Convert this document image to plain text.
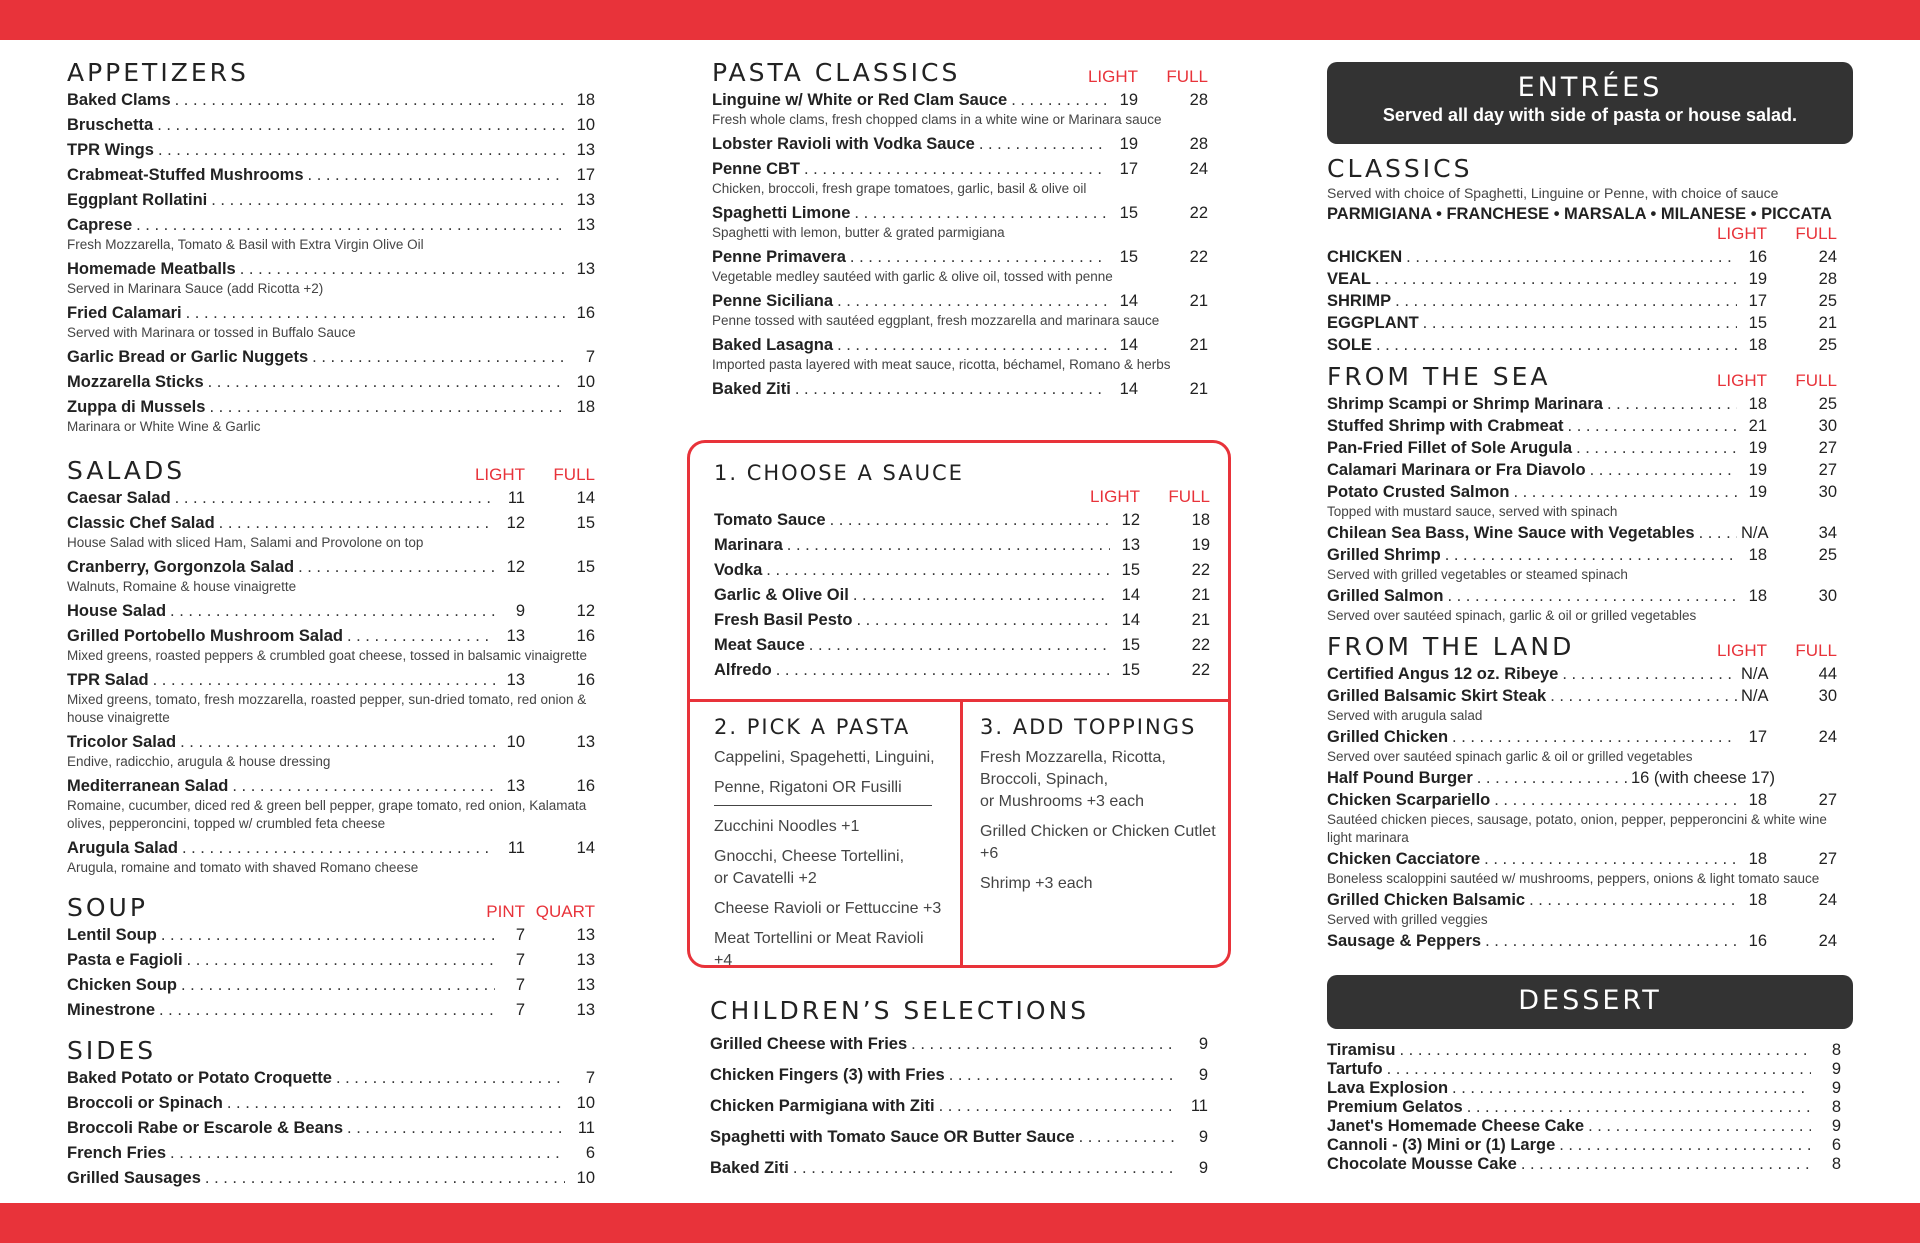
APPETIZERS
Baked Clams . . .	18
Bruschetta . . .	10
TPR Wings . . .	13
Crabmeat-Stuffed Mushrooms . . .	17
Eggplant Rollatini . . .	13
Caprese . . .	13
Fresh Mozzarella, Tomato & Basil with Extra Virgin Olive Oil
Homemade Meatballs . . .	13
Served in Marinara Sauce (add Ricotta +2)
Fried Calamari . . .	16
Served with Marinara or tossed in Buffalo Sauce
Garlic Bread or Garlic Nuggets . . .	7
Mozzarella Sticks . . .	10
Zuppa di Mussels . . .	18
Marinara or White Wine & Garlic
SALADS	LIGHT	FULL
Caesar Salad . . .	11	14
Classic Chef Salad . . .	12	15
House Salad with sliced Ham, Salami and Provolone on top
Cranberry, Gorgonzola Salad . . .	12	15
Walnuts, Romaine & house vinaigrette
House Salad . . .	9	12
Grilled Portobello Mushroom Salad . . .	13	16
Mixed greens, roasted peppers & crumbled goat cheese, tossed in balsamic vinaigrette
TPR Salad . . .	13	16
Mixed greens, tomato, fresh mozzarella, roasted pepper, sun-dried tomato, red onion & house vinaigrette
Tricolor Salad . . .	10	13
Endive, radicchio, arugula & house dressing
Mediterranean Salad . . .	13	16
Romaine, cucumber, diced red & green bell pepper, grape tomato, red onion, Kalamata olives, pepperoncini, topped w/ crumbled feta cheese
Arugula Salad . . .	11	14
Arugula, romaine and tomato with shaved Romano cheese
SOUP	PINT QUART
Lentil Soup . . .	7	13
Pasta e Fagioli . . .	7	13
Chicken Soup . . .	7	13
Minestrone . . .	7	13
SIDES
Baked Potato or Potato Croquette . . .	7
Broccoli or Spinach . . .	10
Broccoli Rabe or Escarole & Beans . . .	11
French Fries . . .	6
Grilled Sausages . . .	10
PASTA CLASSICS	LIGHT	FULL
Linguine w/ White or Red Clam Sauce . . .	19	28
Fresh whole clams, fresh chopped clams in a white wine or Marinara sauce
Lobster Ravioli with Vodka Sauce . . .	19	28
Penne CBT . . .	17	24
Chicken, broccoli, fresh grape tomatoes, garlic, basil & olive oil
Spaghetti Limone . . .	15	22
Spaghetti with lemon, butter & grated parmigiana
Penne Primavera . . .	15	22
Vegetable medley sautéed with garlic & olive oil, tossed with penne
Penne Siciliana . . .	14	21
Penne tossed with sautéed eggplant, fresh mozzarella and marinara sauce
Baked Lasagna . . .	14	21
Imported pasta layered with meat sauce, ricotta, béchamel, Romano & herbs
Baked Ziti . . .	14	21
1. CHOOSE A SAUCE
LIGHT	FULL
Tomato Sauce . . .	12	18
Marinara . . .	13	19
Vodka . . .	15	22
Garlic & Olive Oil . . .	14	21
Fresh Basil Pesto . . .	14	21
Meat Sauce . . .	15	22
Alfredo . . .	15	22
2. PICK A PASTA
Cappelini, Spagehetti, Linguini,
Penne, Rigatoni OR Fusilli
Zucchini Noodles +1
Gnocchi, Cheese Tortellini,
or Cavatelli +2
Cheese Ravioli or Fettuccine +3
Meat Tortellini or Meat Ravioli +4
3. ADD TOPPINGS
Fresh Mozzarella, Ricotta,
Broccoli, Spinach,
or Mushrooms +3 each
Grilled Chicken or Chicken Cutlet +6
Shrimp +3 each
CHILDREN’S SELECTIONS
Grilled Cheese with Fries . . .	9
Chicken Fingers (3) with Fries . . .	9
Chicken Parmigiana with Ziti . . .	11
Spaghetti with Tomato Sauce OR Butter Sauce . . .	9
Baked Ziti . . .	9
ENTRÉES
Served all day with side of pasta or house salad.
CLASSICS
Served with choice of Spaghetti, Linguine or Penne, with choice of sauce
PARMIGIANA • FRANCHESE • MARSALA • MILANESE • PICCATA
LIGHT	FULL
CHICKEN . . .	16	24
VEAL . . .	19	28
SHRIMP . . .	17	25
EGGPLANT . . .	15	21
SOLE . . .	18	25
FROM THE SEA	LIGHT	FULL
Shrimp Scampi or Shrimp Marinara . . .	18	25
Stuffed Shrimp with Crabmeat . . .	21	30
Pan-Fried Fillet of Sole Arugula . . .	19	27
Calamari Marinara or Fra Diavolo . . .	19	27
Potato Crusted Salmon . . .	19	30
Topped with mustard sauce, served with spinach
Chilean Sea Bass, Wine Sauce with Vegetables . . .	N/A	34
Grilled Shrimp . . .	18	25
Served with grilled vegetables or steamed spinach
Grilled Salmon . . .	18	30
Served over sautéed spinach, garlic & oil or grilled vegetables
FROM THE LAND	LIGHT	FULL
Certified Angus 12 oz. Ribeye . . .	N/A	44
Grilled Balsamic Skirt Steak . . .	N/A	30
Served with arugula salad
Grilled Chicken . . .	17	24
Served over sautéed spinach garlic & oil or grilled vegetables
Half Pound Burger . . .	16 (with cheese 17)
Chicken Scarpariello . . .	18	27
Sautéed chicken pieces, sausage, potato, onion, pepper, pepperoncini & white wine light marinara
Chicken Cacciatore . . .	18	27
Boneless scaloppini sautéed w/ mushrooms, peppers, onions & light tomato sauce
Grilled Chicken Balsamic . . .	18	24
Served with grilled veggies
Sausage & Peppers . . .	16	24
DESSERT
Tiramisu . . .	8
Tartufo . . .	9
Lava Explosion . . .	9
Premium Gelatos . . .	8
Janet's Homemade Cheese Cake . . .	9
Cannoli - (3) Mini or (1) Large . . .	6
Chocolate Mousse Cake . . .	8
